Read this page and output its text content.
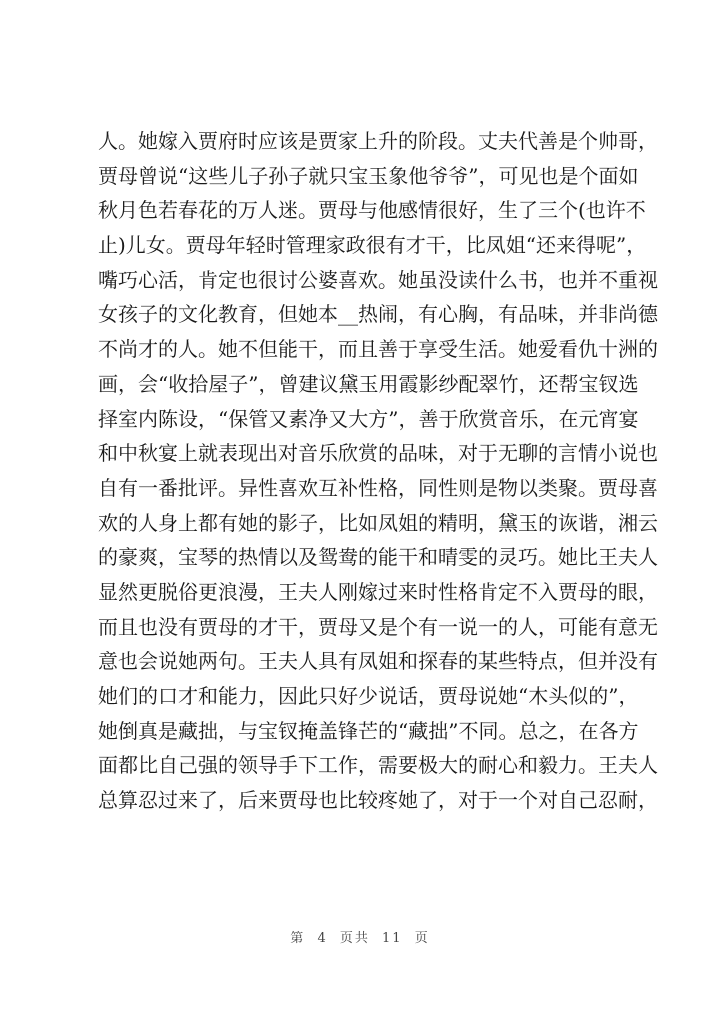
人。她嫁入贾府时应该是贾家上升的阶段。丈夫代善是个帅哥，
贾母曾说“这些儿子孙子就只宝玉象他爷爷”，可见也是个面如
秋月色若春花的万人迷。贾母与他感情很好，生了三个(也许不
止)儿女。贾母年轻时管理家政很有才干，比凤姐“还来得呢”，
嘴巧心活，肯定也很讨公婆喜欢。她虽没读什么书，也并不重视
女孩子的文化教育，但她本__热闹，有心胸，有品味，并非尚德
不尚才的人。她不但能干，而且善于享受生活。她爱看仇十洲的
画，会“收拾屋子”，曾建议黛玉用霞影纱配翠竹，还帮宝钗选
择室内陈设，“保管又素净又大方”，善于欣赏音乐，在元宵宴
和中秋宴上就表现出对音乐欣赏的品味，对于无聊的言情小说也
自有一番批评。异性喜欢互补性格，同性则是物以类聚。贾母喜
欢的人身上都有她的影子，比如凤姐的精明，黛玉的诙谐，湘云
的豪爽，宝琴的热情以及鸳鸯的能干和晴雯的灵巧。她比王夫人
显然更脱俗更浪漫，王夫人刚嫁过来时性格肯定不入贾母的眼，
而且也没有贾母的才干，贾母又是个有一说一的人，可能有意无
意也会说她两句。王夫人具有凤姐和探春的某些特点，但并没有
她们的口才和能力，因此只好少说话，贾母说她“木头似的”，
她倒真是藏拙，与宝钗掩盖锋芒的“藏拙”不同。总之，在各方
面都比自己强的领导手下工作，需要极大的耐心和毅力。王夫人
总算忍过来了，后来贾母也比较疼她了，对于一个对自己忍耐，
第 4 页共 11 页
